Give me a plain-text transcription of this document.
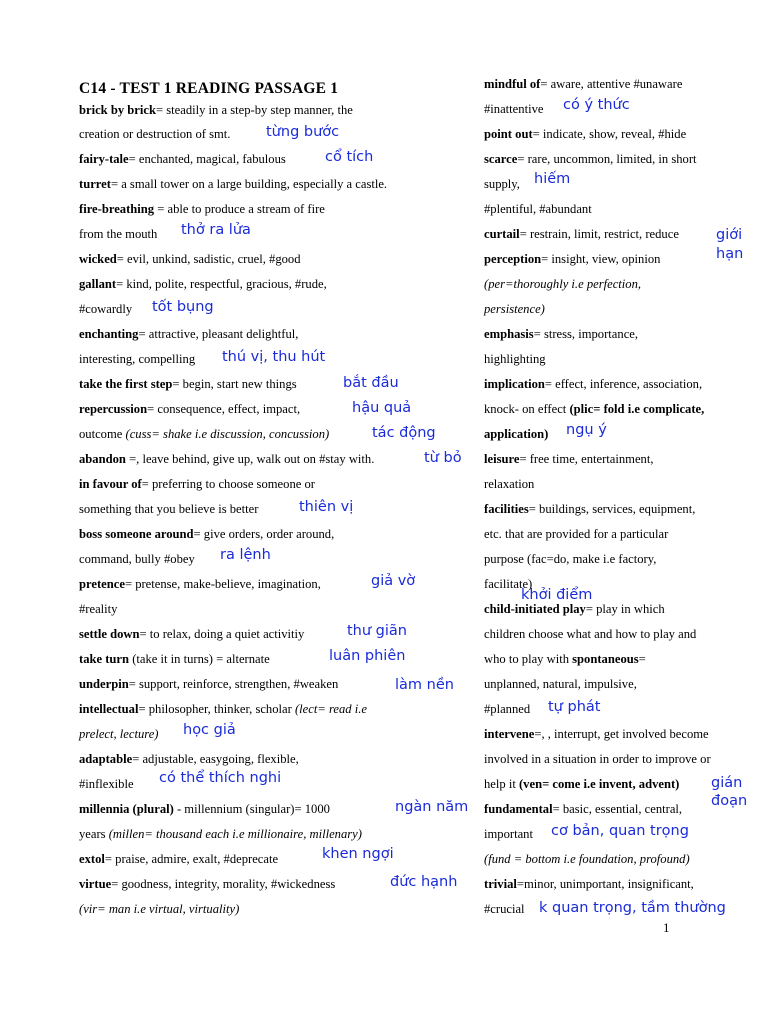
C14 - TEST 1 READING PASSAGE 1
brick by brick= steadily in a step-by step manner, the
creation or destruction of smt.
fairy-tale= enchanted, magical, fabulous
turret= a small tower on a large building, especially a castle.
fire-breathing = able to produce a stream of fire
from the mouth
wicked= evil, unkind, sadistic, cruel, #good
gallant= kind, polite, respectful, gracious, #rude,
#cowardly
enchanting= attractive, pleasant delightful,
interesting, compelling
take the first step= begin, start new things
repercussion= consequence, effect, impact,
outcome (cuss= shake i.e discussion, concussion)
abandon =, leave behind, give up, walk out on #stay with.
in favour of= preferring to choose someone or
something that you believe is better
boss someone around= give orders, order around,
command, bully #obey
pretence= pretense, make-believe, imagination,
#reality
settle down= to relax, doing a quiet activitiy
take turn (take it in turns) = alternate
underpin= support, reinforce, strengthen, #weaken
intellectual= philosopher, thinker, scholar (lect= read i.e
prelect, lecture)
adaptable= adjustable, easygoing, flexible,
#inflexible
millennia (plural) - millennium (singular)= 1000
years (millen= thousand each i.e millionaire, millenary)
extol= praise, admire, exalt, #deprecate
virtue= goodness, integrity, morality, #wickedness
(vir= man i.e virtual, virtuality)
mindful of= aware, attentive #unaware
#inattentive
point out= indicate, show, reveal, #hide
scarce= rare, uncommon, limited, in short
supply,
#plentiful, #abundant
curtail= restrain, limit, restrict, reduce
perception= insight, view, opinion
(per=thoroughly i.e perfection,
persistence)
emphasis= stress, importance,
highlighting
implication= effect, inference, association,
knock- on effect (plic= fold i.e complicate,
application)
leisure= free time, entertainment,
relaxation
facilities= buildings, services, equipment,
etc. that are provided for a particular
purpose (fac=do, make i.e factory,
facilitate)
child-initiated play= play in which
children choose what and how to play and
who to play with spontaneous=
unplanned, natural, impulsive,
#planned
intervene=, , interrupt, get involved become
involved in a situation in order to improve or
help it (ven= come i.e invent, advent)
fundamental= basic, essential, central,
important
(fund = bottom i.e foundation, profound)
trivial=minor, unimportant, insignificant,
#crucial
từng bước
cổ tích
thở ra lửa
tốt bụng
thú vị, thu hút
bắt đầu
hậu quả
tác động
từ bỏ
thiên vị
ra lệnh
giả vờ
thư giãn
luân phiên
làm nền
học giả
có thể thích nghi
ngàn năm
khen ngợi
đức hạnh
có ý thức
hiếm
giới
hạn
ngụ ý
khởi điểm
tự phát
gián
đoạn
cơ bản, quan trọng
k quan trọng, tầm thường
1
